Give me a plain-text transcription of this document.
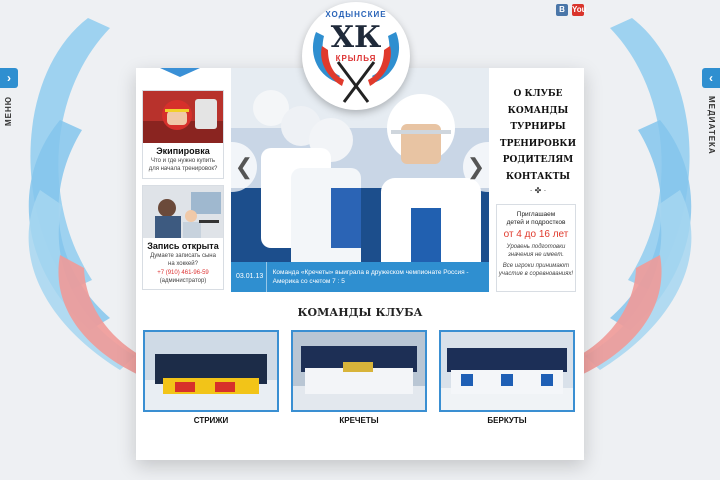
›
МЕНЮ
‹
МЕДИАТЕКА
B You
Экипировка
Что и где нужно купить для начала тренировок?
Запись открыта
Думаете записать сына на хоккей?
+7 (910) 461-96-59
(администратор)
❮	❯
03.01.13
Команда «Кречеты» выиграла в дружеском чемпионате Россия - Америка со счетом 7 : 5
ХОДЫНСКИЕ
ХК
КРЫЛЬЯ
О КЛУБЕ
КОМАНДЫ
ТУРНИРЫ
ТРЕНИРОВКИ
РОДИТЕЛЯМ
КОНТАКТЫ
· ✤ ·
Приглашаем
детей и подростков
от 4 до 16 лет
Уровень подготовки значения не имеет.
Все игроки принимают участие в соревнованиях!
КОМАНДЫ КЛУБА
СТРИЖИ	КРЕЧЕТЫ	БЕРКУТЫ
